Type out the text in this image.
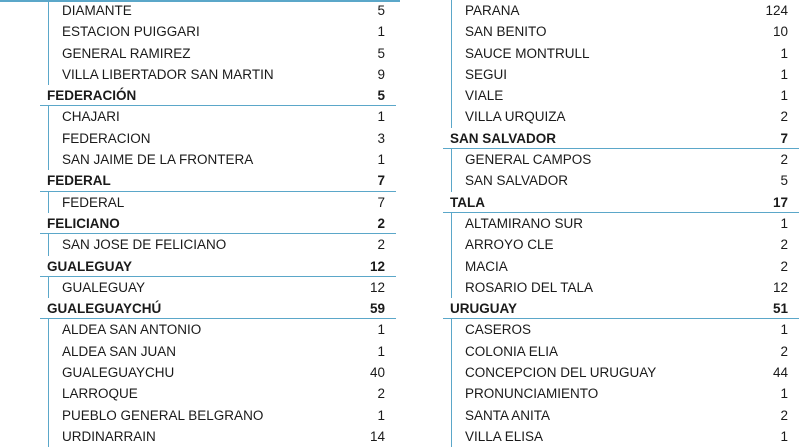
DIAMANTE	5
ESTACION PUIGGARI	1
GENERAL RAMIREZ	5
VILLA LIBERTADOR SAN MARTIN	9
FEDERACIÓN	5
CHAJARI	1
FEDERACION	3
SAN JAIME DE LA FRONTERA	1
FEDERAL	7
FEDERAL	7
FELICIANO	2
SAN JOSE DE FELICIANO	2
GUALEGUAY	12
GUALEGUAY	12
GUALEGUAYCHÚ	59
ALDEA SAN ANTONIO	1
ALDEA SAN JUAN	1
GUALEGUAYCHU	40
LARROQUE	2
PUEBLO GENERAL BELGRANO	1
URDINARRAIN	14
PARANA	124
SAN BENITO	10
SAUCE MONTRULL	1
SEGUI	1
VIALE	1
VILLA URQUIZA	2
SAN SALVADOR	7
GENERAL CAMPOS	2
SAN SALVADOR	5
TALA	17
ALTAMIRANO SUR	1
ARROYO CLE	2
MACIA	2
ROSARIO DEL TALA	12
URUGUAY	51
CASEROS	1
COLONIA ELIA	2
CONCEPCION DEL URUGUAY	44
PRONUNCIAMIENTO	1
SANTA ANITA	2
VILLA ELISA	1
